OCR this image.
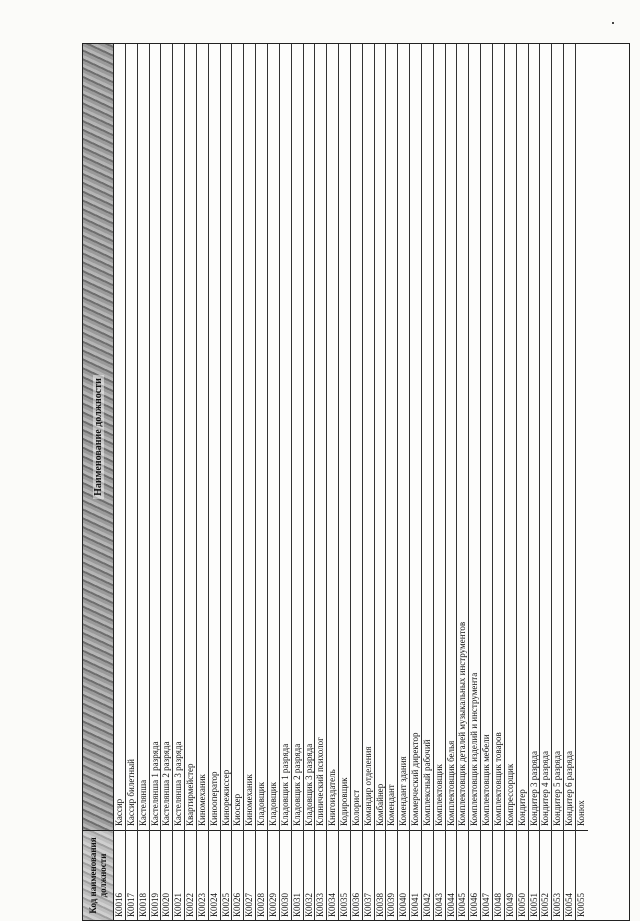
Код наименования должности
Наименование должности
К0016
Кассир
К0017
Кассир билетный
К0018
Кастелянша
К0019
Кастелянша 1 разряда
К0020
Кастелянша 2 разряда
К0021
Кастелянша 3 разряда
К0022
Квартирмейстер
К0023
Киномеханик
К0024
Кинооператор
К0025
Кинорежиссер
К0026
Киоскер
К0027
Киномеханик
К0028
Кладовщик
К0029
Кладовщик
К0030
Кладовщик 1 разряда
К0031
Кладовщик 2 разряда
К0032
Кладовщик 3 разряда
К0033
Клинический психолог
К0034
Книгоиздатель
К0035
Кодировщик
К0036
Колорист
К0037
Командир отделения
К0038
Комбайнер
К0039
Комендант
К0040
Комендант здания
К0041
Коммерческий директор
К0042
Комплексный рабочий
К0043
Комплектовщик
К0044
Комплектовщик белья
К0045
Комплектовщик деталей музыкальных инструментов
К0046
Комплектовщик изделий и инструмента
К0047
Комплектовщик мебели
К0048
Комплектовщик товаров
К0049
Компрессорщик
К0050
Кондитер
К0051
Кондитер 3 разряда
К0052
Кондитер 4 разряда
К0053
Кондитер 5 разряда
К0054
Кондитер 6 разряда
К0055
Конюх
